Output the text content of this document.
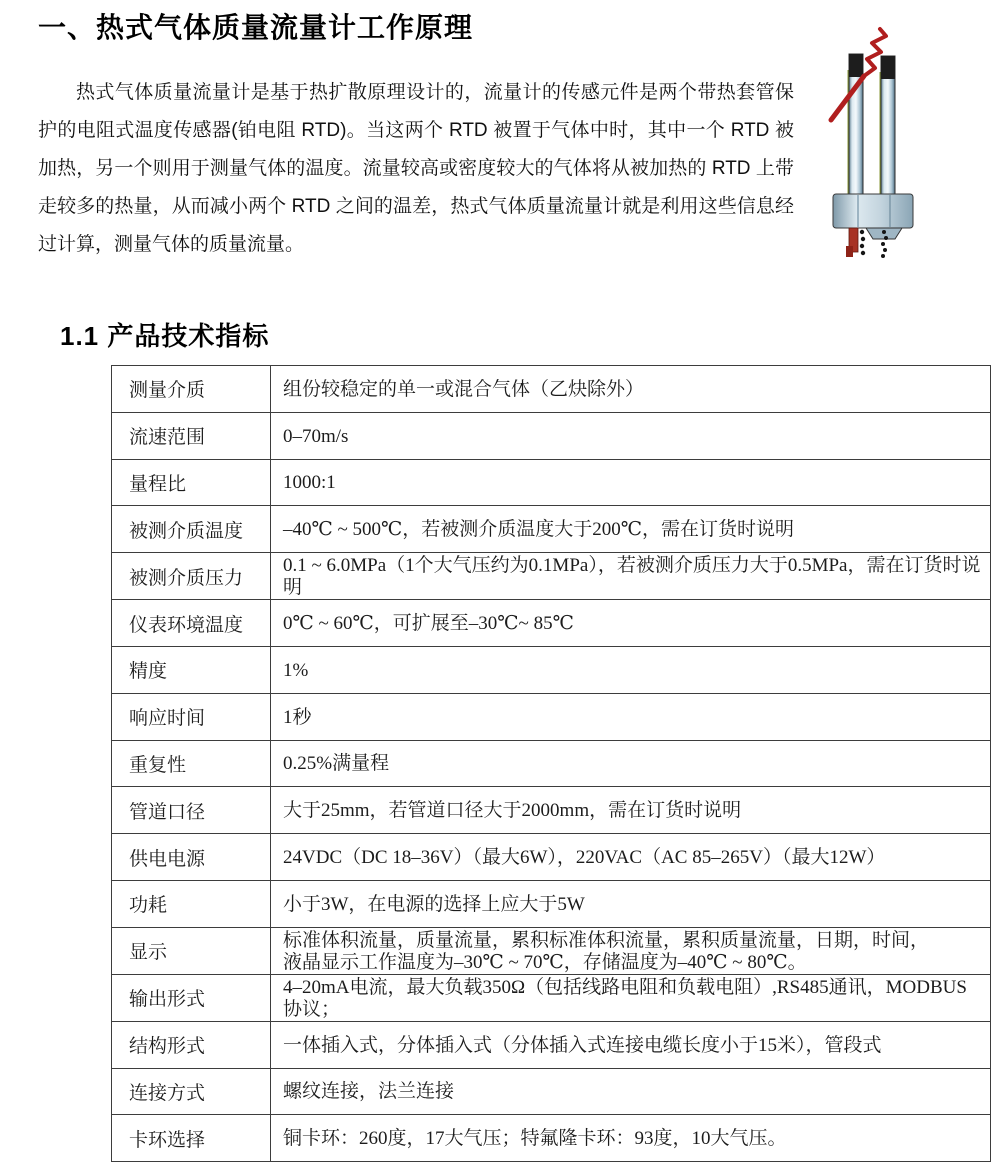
一、热式气体质量流量计工作原理

热式气体质量流量计是基于热扩散原理设计的，流量计的传感元件是两个带热套管保护的电阻式温度传感器(铂电阻 RTD)。当这两个 RTD 被置于气体中时，其中一个 RTD 被加热，另一个则用于测量气体的温度。流量较高或密度较大的气体将从被加热的 RTD 上带走较多的热量，从而减小两个 RTD 之间的温差，热式气体质量流量计就是利用这些信息经过计算，测量气体的质量流量。

1.1 产品技术指标
测量介质	组份较稳定的单一或混合气体（乙炔除外）
流速范围	0–70m/s
量程比	1000:1
被测介质温度	–40℃ ~ 500℃，若被测介质温度大于200℃，需在订货时说明
被测介质压力	0.1 ~ 6.0MPa（1个大气压约为0.1MPa），若被测介质压力大于0.5MPa，需在订货时说明
仪表环境温度	0℃ ~ 60℃，可扩展至–30℃~ 85℃
精度	1%
响应时间	1秒
重复性	0.25%满量程
管道口径	大于25mm，若管道口径大于2000mm，需在订货时说明
供电电源	24VDC（DC 18–36V）（最大6W），220VAC（AC 85–265V）（最大12W）
功耗	小于3W，在电源的选择上应大于5W
显示	标准体积流量，质量流量，累积标准体积流量，累积质量流量，日期，时间，
液晶显示工作温度为–30℃ ~ 70℃，存储温度为–40℃ ~ 80℃。
输出形式	4–20mA电流，最大负载350Ω（包括线路电阻和负载电阻）,RS485通讯，MODBUS协议；
结构形式	一体插入式，分体插入式（分体插入式连接电缆长度小于15米），管段式
连接方式	螺纹连接，法兰连接
卡环选择	铜卡环：260度，17大气压；特氟隆卡环：93度，10大气压。
